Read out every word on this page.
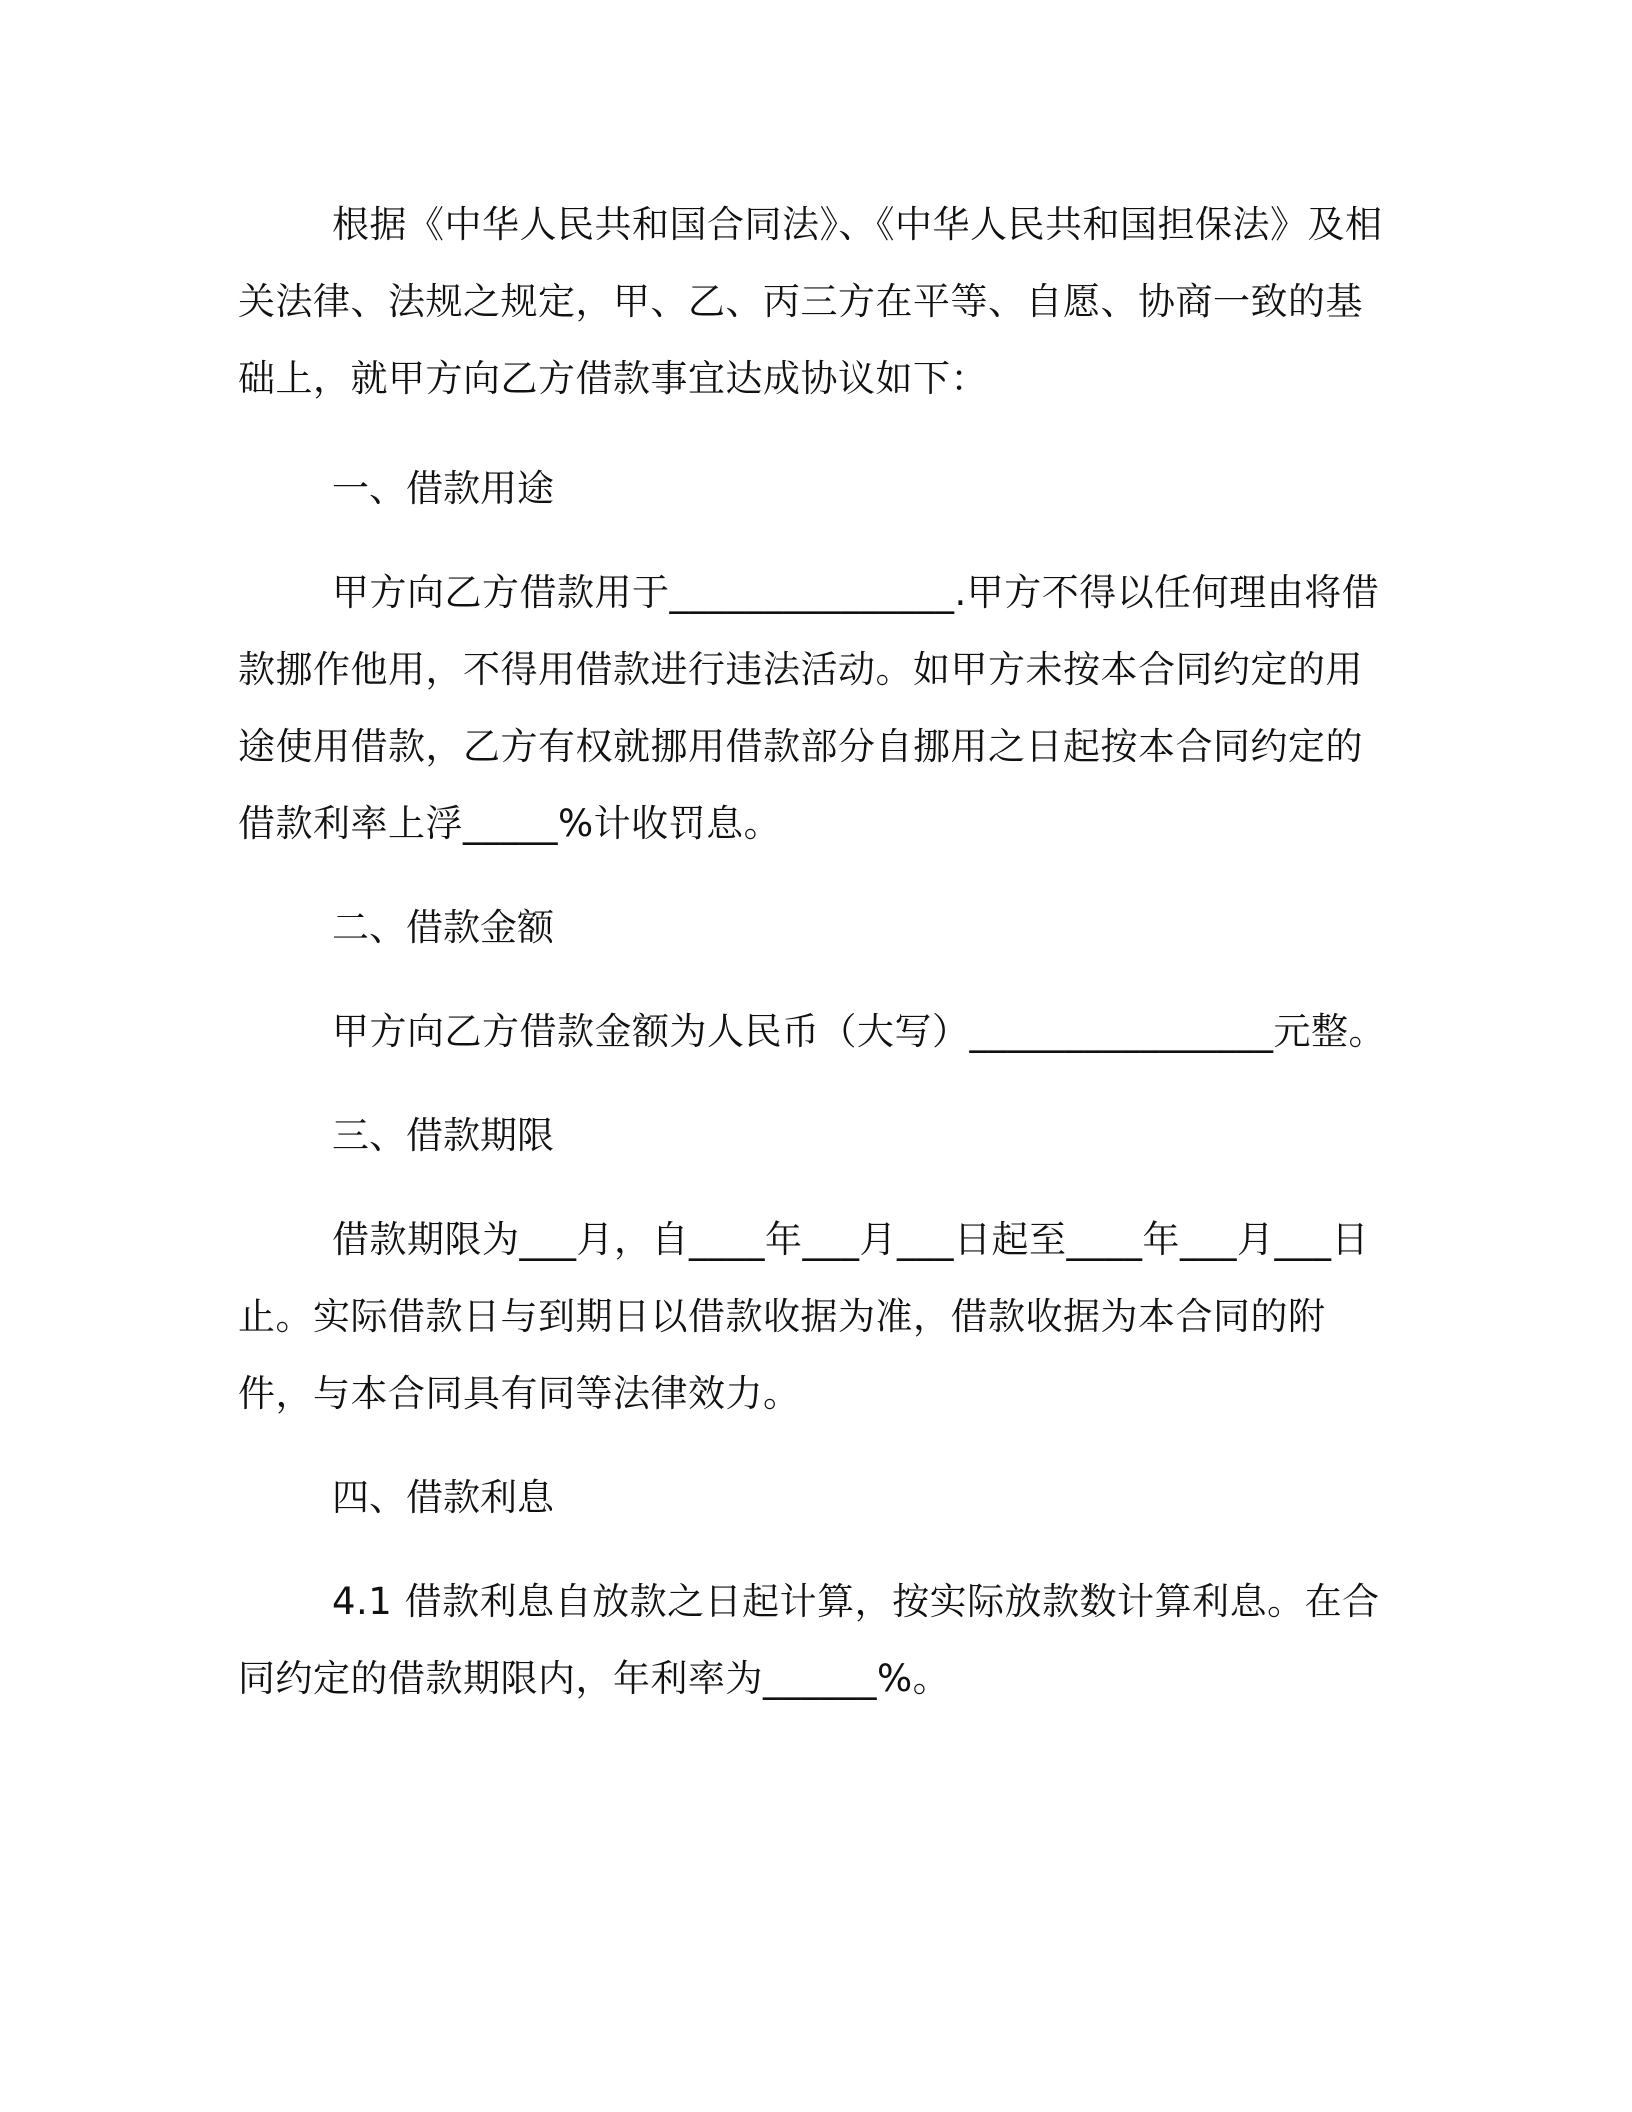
根据《中华人民共和国合同法》、《中华人民共和国担保法》及相关法律、法规之规定，甲、乙、丙三方在平等、自愿、协商一致的基础上，就甲方向乙方借款事宜达成协议如下：

一、借款用途

甲方向乙方借款用于_______________.甲方不得以任何理由将借款挪作他用，不得用借款进行违法活动。如甲方未按本合同约定的用途使用借款，乙方有权就挪用借款部分自挪用之日起按本合同约定的借款利率上浮_____%计收罚息。

二、借款金额

甲方向乙方借款金额为人民币（大写）________________元整。

三、借款期限

借款期限为___月，自____年___月___日起至____年___月___日止。实际借款日与到期日以借款收据为准，借款收据为本合同的附件，与本合同具有同等法律效力。

四、借款利息

4.1 借款利息自放款之日起计算，按实际放款数计算利息。在合同约定的借款期限内，年利率为______%。
